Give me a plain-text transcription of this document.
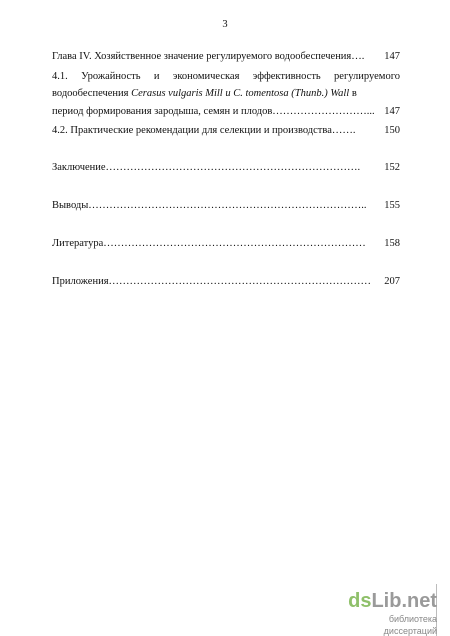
3
Глава IV. Хозяйственное значение регулируемого водообеспечения…. 147
4.1. Урожайность и экономическая эффективность регулируемого
водообеспечения Cerasus vulgaris Mill и C. tomentosa (Thunb.) Wall в
период формирования зародыша, семян и плодов………………………... 147
4.2. Практические рекомендации для селекции и производства…….	150
Заключение………………………………………………………………. 152
Выводы…………………………………………………………………….. 155
Литература………………………………………………………………… 158
Приложения………………………………………………………………… 207
dsLib.net
библиотека диссертаций
